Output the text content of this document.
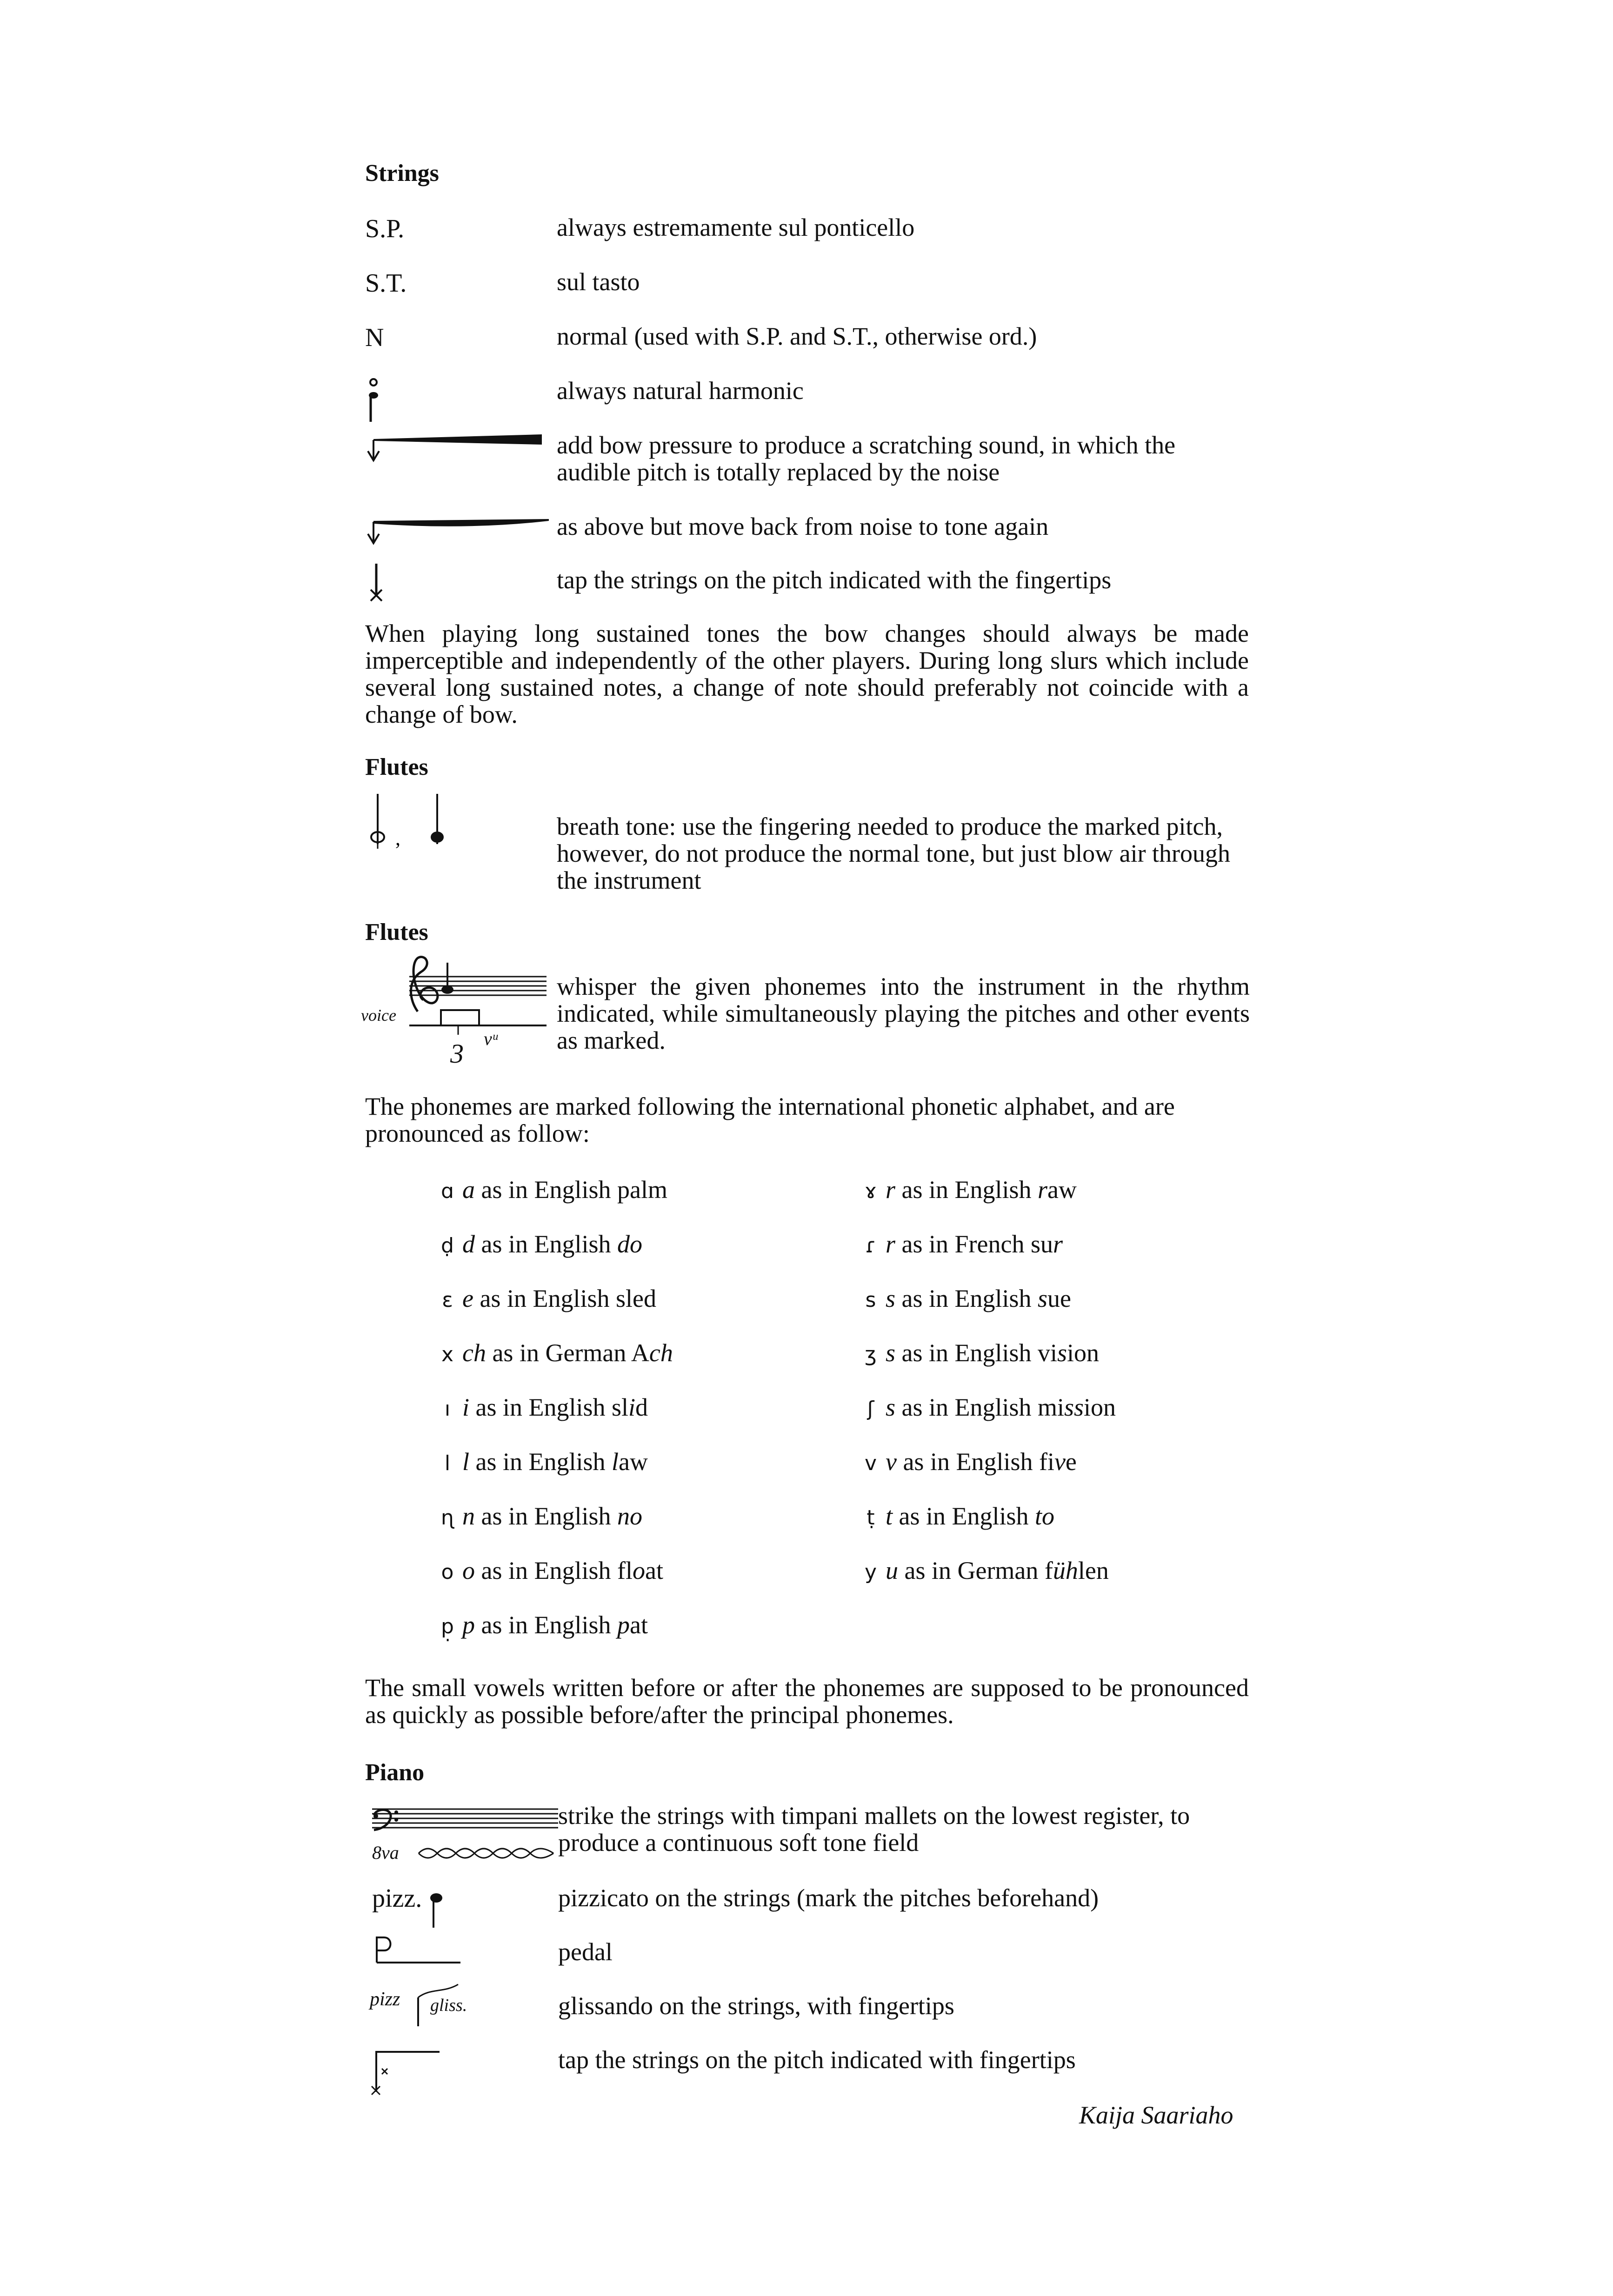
Strings
S.P.	always estremamente sul ponticello
S.T.	sul tasto
N	normal (used with S.P. and S.T., otherwise ord.)
always natural harmonic
add bow pressure to produce a scratching sound, in which the audible pitch is totally replaced by the noise
as above but move back from noise to tone again
tap the strings on the pitch indicated with the fingertips
When playing long sustained tones the bow changes should always be made imperceptible and independently of the other players. During long slurs which include several long sustained notes, a change of note should preferably not coincide with a change of bow.
Flutes
,	breath tone: use the fingering needed to produce the marked pitch, however, do not produce the normal tone, but just blow air through the instrument
Flutes
voice
3 vᵘ
whisper the given phonemes into the instrument in the rhythm indicated, while simultaneously playing the pitches and other events as marked.
The phonemes are marked following the international phonetic alphabet, and are pronounced as follow:
ɑ a as in English palm
ḍ d as in English do
ɛ e as in English sled
x ch as in German Ach
ı i as in English slid
l l as in English law
ɳ n as in English no
o o as in English float
p̣ p as in English pat
ɤ r as in English raw
ɾ r as in French sur
s s as in English sue
ʒ s as in English vision
ʃ s as in English mission
v v as in English five
ṭ t as in English to
y u as in German fühlen
The small vowels written before or after the phonemes are supposed to be pronounced as quickly as possible before/after the principal phonemes.
Piano
8va
strike the strings with timpani mallets on the lowest register, to produce a continuous soft tone field
pizz.	pizzicato on the strings (mark the pitches beforehand)
pedal
pizz gliss.	glissando on the strings, with fingertips
tap the strings on the pitch indicated with fingertips
Kaija Saariaho
